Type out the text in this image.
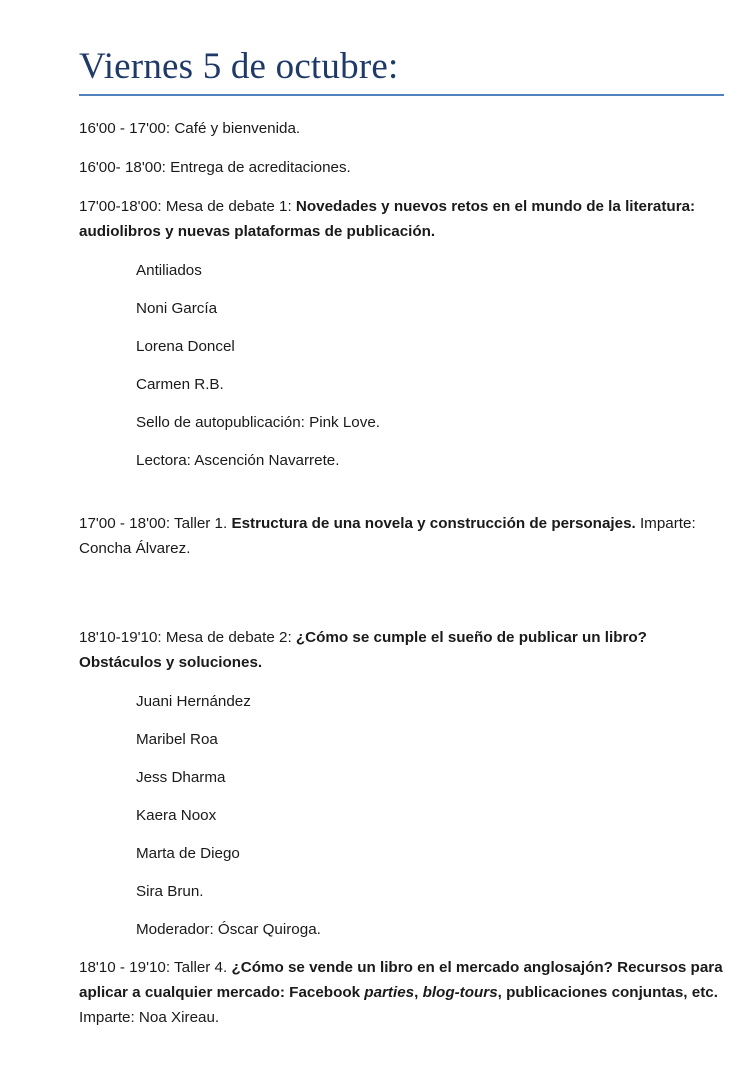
Viernes 5 de octubre:

16'00 - 17'00: Café y bienvenida.

16'00- 18'00: Entrega de acreditaciones.

17'00-18'00: Mesa de debate 1: Novedades y nuevos retos en el mundo de la literatura: audiolibros y nuevas plataformas de publicación.

Antiliados

Noni García

Lorena Doncel

Carmen R.B.

Sello de autopublicación: Pink Love.

Lectora: Ascención Navarrete.

17'00 - 18'00: Taller 1. Estructura de una novela y construcción de personajes. Imparte: Concha Álvarez.

18'10-19'10: Mesa de debate 2: ¿Cómo se cumple el sueño de publicar un libro? Obstáculos y soluciones.

Juani Hernández

Maribel Roa

Jess Dharma

Kaera Noox

Marta de Diego

Sira Brun.

Moderador: Óscar Quiroga.

18'10 - 19'10: Taller 4. ¿Cómo se vende un libro en el mercado anglosajón? Recursos para aplicar a cualquier mercado: Facebook parties, blog-tours, publicaciones conjuntas, etc. Imparte: Noa Xireau.
